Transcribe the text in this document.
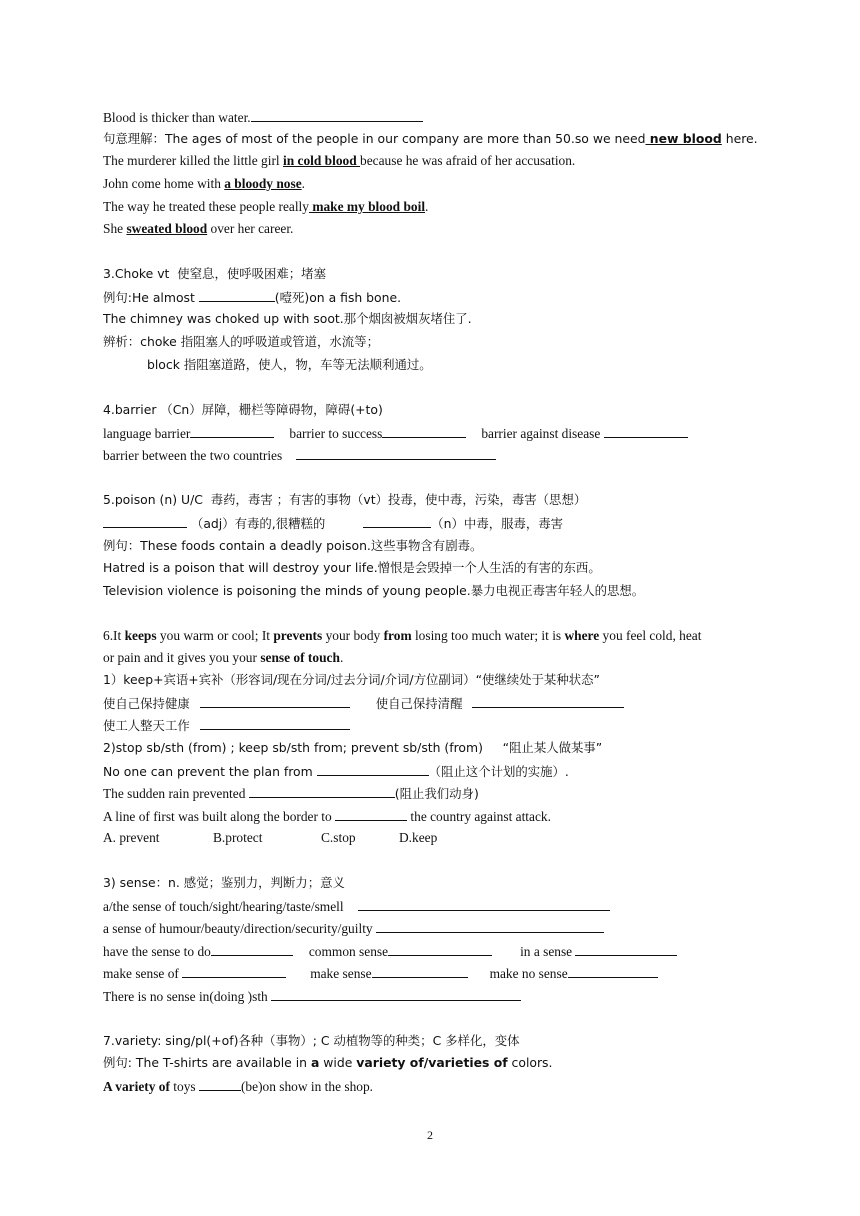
Blood is thicker than water.
句意理解：The ages of most of the people in our company are more than 50.so we need new blood here.
The murderer killed the little girl in cold blood because he was afraid of her accusation.
John come home with a bloody nose.
The way he treated these people really make my blood boil.
She sweated blood over her career.
3.Choke vt  使窒息，使呼吸困难；堵塞
例句:He almost	(噎死)on a fish bone.
The chimney was choked up with soot.那个烟囱被烟灰堵住了.
辨析：choke 指阻塞人的呼吸道或管道，水流等；
block 指阻塞道路，使人，物，车等无法顺利通过。
4.barrier （Cn）屏障，栅栏等障碍物，障碍(+to)
language barrier	barrier to success	barrier against disease
barrier between the two countries
5.poison (n) U/C  毒药，毒害 ；有害的事物（vt）投毒，使中毒，污染，毒害（思想）
（adj）有毒的,很糟糕的	（n）中毒，服毒，毒害
例句：These foods contain a deadly poison.这些事物含有剧毒。
Hatred is a poison that will destroy your life.憎恨是会毁掉一个人生活的有害的东西。
Television violence is poisoning the minds of young people.暴力电视正毒害年轻人的思想。
6.It keeps you warm or cool; It prevents your body from losing too much water; it is where you feel cold, heat
or pain and it gives you your sense of touch.
1）keep+宾语+宾补（形容词/现在分词/过去分词/介词/方位副词）“使继续处于某种状态”
使自己保持健康	使自己保持清醒
使工人整天工作
2)stop sb/sth (from) ; keep sb/sth from; prevent sb/sth (from)     “阻止某人做某事”
No one can prevent the plan from	（阻止这个计划的实施）.
The sudden rain prevented	(阻止我们动身)
A line of first was built along the border to	the country against attack.
A. prevent	B.protect	C.stop	D.keep
3) sense：n. 感觉；鉴别力，判断力；意义
a/the sense of touch/sight/hearing/taste/smell
a sense of humour/beauty/direction/security/guilty
have the sense to do	common sense	in a sense
make sense of	make sense	make no sense
There is no sense in(doing )sth
7.variety: sing/pl(+of)各种（事物）; C 动植物等的种类；C 多样化，变体
例句: The T-shirts are available in a wide variety of/varieties of colors.
A variety of toys	(be)on show in the shop.
2
